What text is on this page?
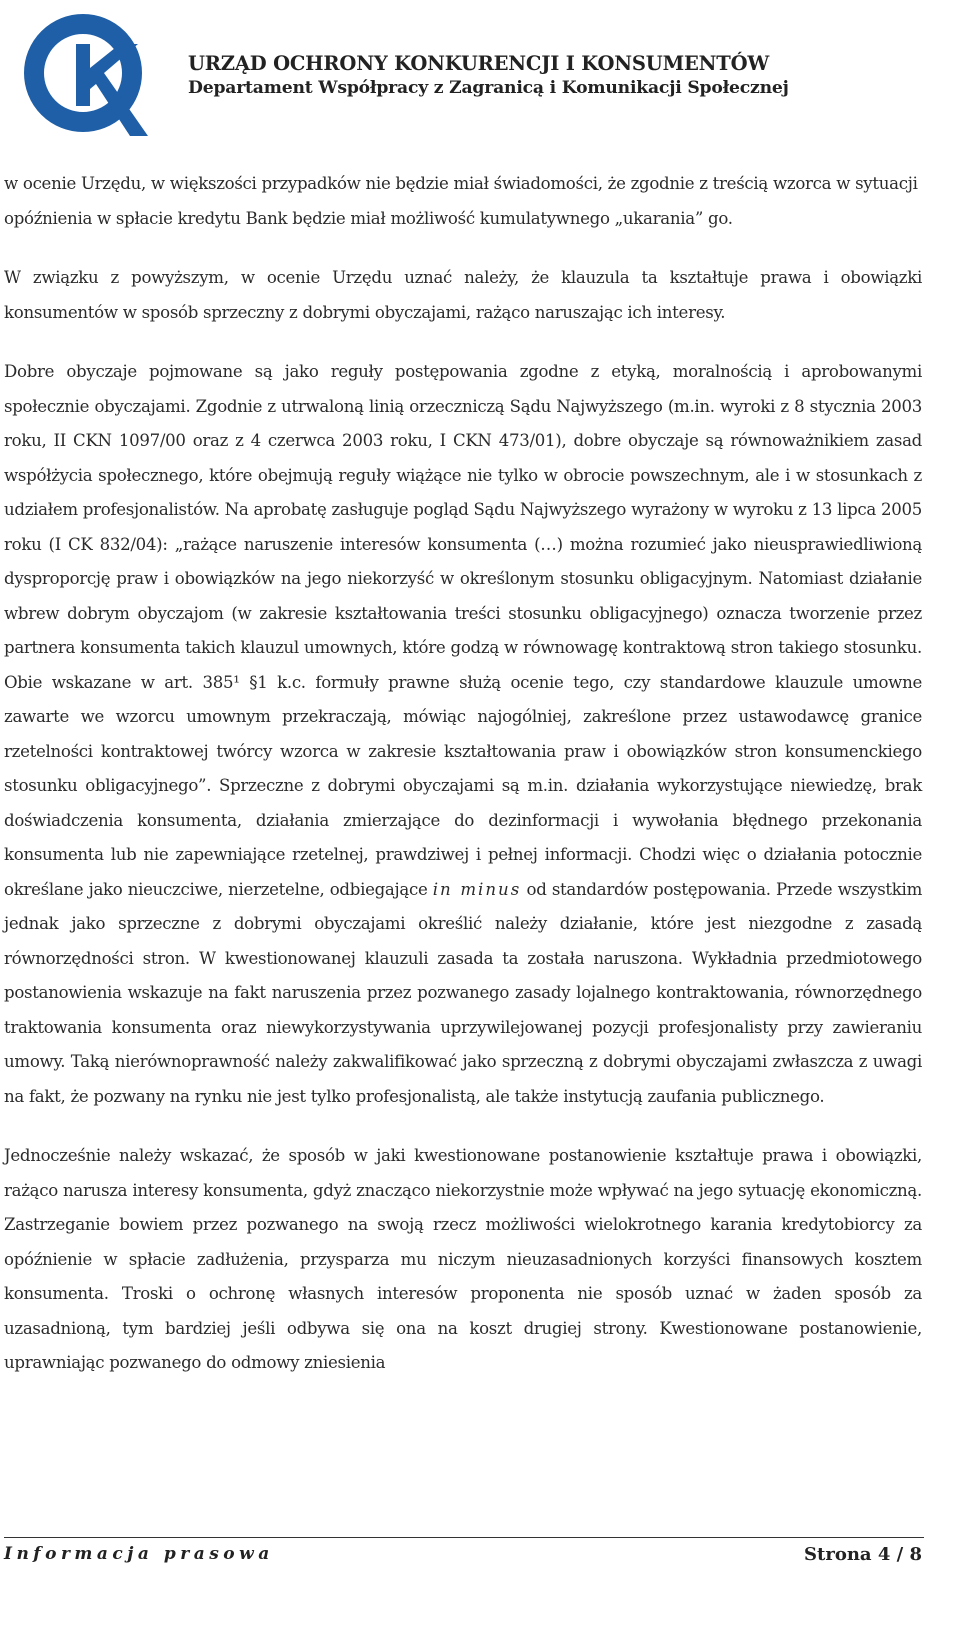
URZĄD OCHRONY KONKURENCJI I KONSUMENTÓW
Departament Współpracy z Zagranicą i Komunikacji Społecznej

w ocenie Urzędu, w większości przypadków nie będzie miał świadomości, że zgodnie z treścią wzorca w sytuacji opóźnienia w spłacie kredytu Bank będzie miał możliwość kumulatywnego „ukarania” go.

W związku z powyższym, w ocenie Urzędu uznać należy, że klauzula ta kształtuje prawa i obowiązki konsumentów w sposób sprzeczny z dobrymi obyczajami, rażąco naruszając ich interesy.

Dobre obyczaje pojmowane są jako reguły postępowania zgodne z etyką, moralnością i aprobowanymi społecznie obyczajami. Zgodnie z utrwaloną linią orzeczniczą Sądu Najwyższego (m.in. wyroki z 8 stycznia 2003 roku, II CKN 1097/00 oraz z 4 czerwca 2003 roku, I CKN 473/01), dobre obyczaje są równoważnikiem zasad współżycia społecznego, które obejmują reguły wiążące nie tylko w obrocie powszechnym, ale i w stosunkach z udziałem profesjonalistów. Na aprobatę zasługuje pogląd Sądu Najwyższego wyrażony w wyroku z 13 lipca 2005 roku (I CK 832/04): „rażące naruszenie interesów konsumenta (…) można rozumieć jako nieusprawiedliwioną dysproporcję praw i obowiązków na jego niekorzyść w określonym stosunku obligacyjnym. Natomiast działanie wbrew dobrym obyczajom (w zakresie kształtowania treści stosunku obligacyjnego) oznacza tworzenie przez partnera konsumenta takich klauzul umownych, które godzą w równowagę kontraktową stron takiego stosunku. Obie wskazane w art. 385¹ §1 k.c. formuły prawne służą ocenie tego, czy standardowe klauzule umowne zawarte we wzorcu umownym przekraczają, mówiąc najogólniej, zakreślone przez ustawodawcę granice rzetelności kontraktowej twórcy wzorca w zakresie kształtowania praw i obowiązków stron konsumenckiego stosunku obligacyjnego”. Sprzeczne z dobrymi obyczajami są m.in. działania wykorzystujące niewiedzę, brak doświadczenia konsumenta, działania zmierzające do dezinformacji i wywołania błędnego przekonania konsumenta lub nie zapewniające rzetelnej, prawdziwej i pełnej informacji. Chodzi więc o działania potocznie określane jako nieuczciwe, nierzetelne, odbiegające in minus od standardów postępowania. Przede wszystkim jednak jako sprzeczne z dobrymi obyczajami określić należy działanie, które jest niezgodne z zasadą równorzędności stron. W kwestionowanej klauzuli zasada ta została naruszona. Wykładnia przedmiotowego postanowienia wskazuje na fakt naruszenia przez pozwanego zasady lojalnego kontraktowania, równorzędnego traktowania konsumenta oraz niewykorzystywania uprzywilejowanej pozycji profesjonalisty przy zawieraniu umowy. Taką nierównoprawność należy zakwalifikować jako sprzeczną z dobrymi obyczajami zwłaszcza z uwagi na fakt, że pozwany na rynku nie jest tylko profesjonalistą, ale także instytucją zaufania publicznego.

Jednocześnie należy wskazać, że sposób w jaki kwestionowane postanowienie kształtuje prawa i obowiązki, rażąco narusza interesy konsumenta, gdyż znacząco niekorzystnie może wpływać na jego sytuację ekonomiczną. Zastrzeganie bowiem przez pozwanego na swoją rzecz możliwości wielokrotnego karania kredytobiorcy za opóźnienie w spłacie zadłużenia, przysparza mu niczym nieuzasadnionych korzyści finansowych kosztem konsumenta. Troski o ochronę własnych interesów proponenta nie sposób uznać w żaden sposób za uzasadnioną, tym bardziej jeśli odbywa się ona na koszt drugiej strony. Kwestionowane postanowienie, uprawniając pozwanego do odmowy zniesienia

Informacja prasowa	Strona 4 / 8
